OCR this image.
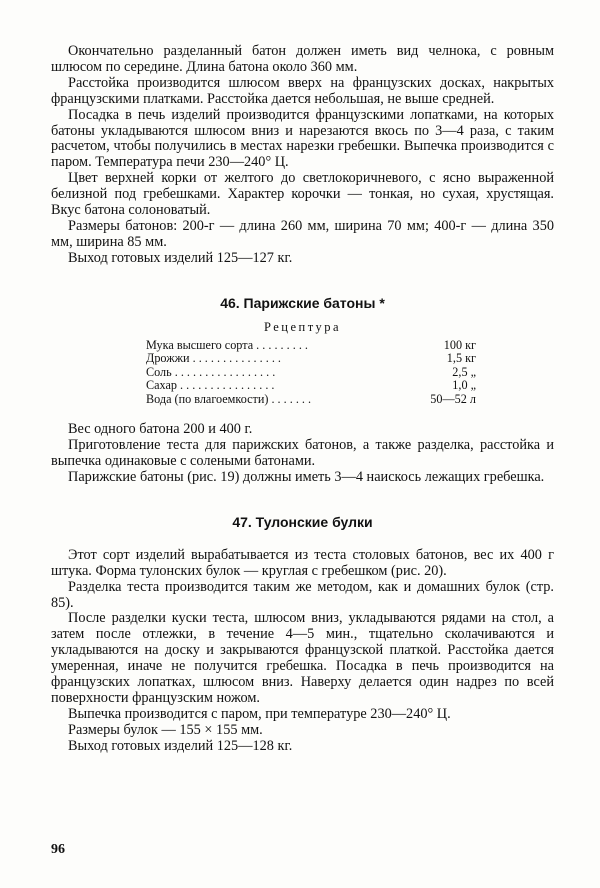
Окончательно разделанный батон должен иметь вид челнока, с ровным шлюсом по середине. Длина батона около 360 мм.

Расстойка производится шлюсом вверх на французских досках, накрытых французскими платками. Расстойка дается небольшая, не выше средней.

Посадка в печь изделий производится французскими лопатками, на которых батоны укладываются шлюсом вниз и нарезаются вкось по 3—4 раза, с таким расчетом, чтобы получились в местах нарезки гребешки. Выпечка производится с паром. Температура печи 230—240° Ц.

Цвет верхней корки от желтого до светлокоричневого, с ясно выраженной белизной под гребешками. Характер корочки — тонкая, но сухая, хрустящая. Вкус батона солоноватый.

Размеры батонов: 200-г — длина 260 мм, ширина 70 мм; 400-г — длина 350 мм, ширина 85 мм.

Выход готовых изделий 125—127 кг.

46. Парижские батоны *
Рецептура
Мука высшего сорта . . . . . . . . .	100 кг
Дрожжи . . . . . . . . . . . . . . .	1,5 кг
Соль . . . . . . . . . . . . . . . . .	2,5 „
Сахар . . . . . . . . . . . . . . . .	1,0 „
Вода (по влагоемкости) . . . . . . .	50—52 л

Вес одного батона 200 и 400 г.

Приготовление теста для парижских батонов, а также разделка, расстойка и выпечка одинаковые с солеными батонами.

Парижские батоны (рис. 19) должны иметь 3—4 наискось лежащих гребешка.

47. Тулонские булки

Этот сорт изделий вырабатывается из теста столовых батонов, вес их 400 г штука. Форма тулонских булок — круглая с гребешком (рис. 20).

Разделка теста производится таким же методом, как и домашних булок (стр. 85).

После разделки куски теста, шлюсом вниз, укладываются рядами на стол, а затем после отлежки, в течение 4—5 мин., тщательно сколачиваются и укладываются на доску и закрываются французской платкой. Расстойка дается умеренная, иначе не получится гребешка. Посадка в печь производится на французских лопатках, шлюсом вниз. Наверху делается один надрез по всей поверхности французским ножом.

Выпечка производится с паром, при температуре 230—240° Ц.

Размеры булок — 155 × 155 мм.

Выход готовых изделий 125—128 кг.

96
